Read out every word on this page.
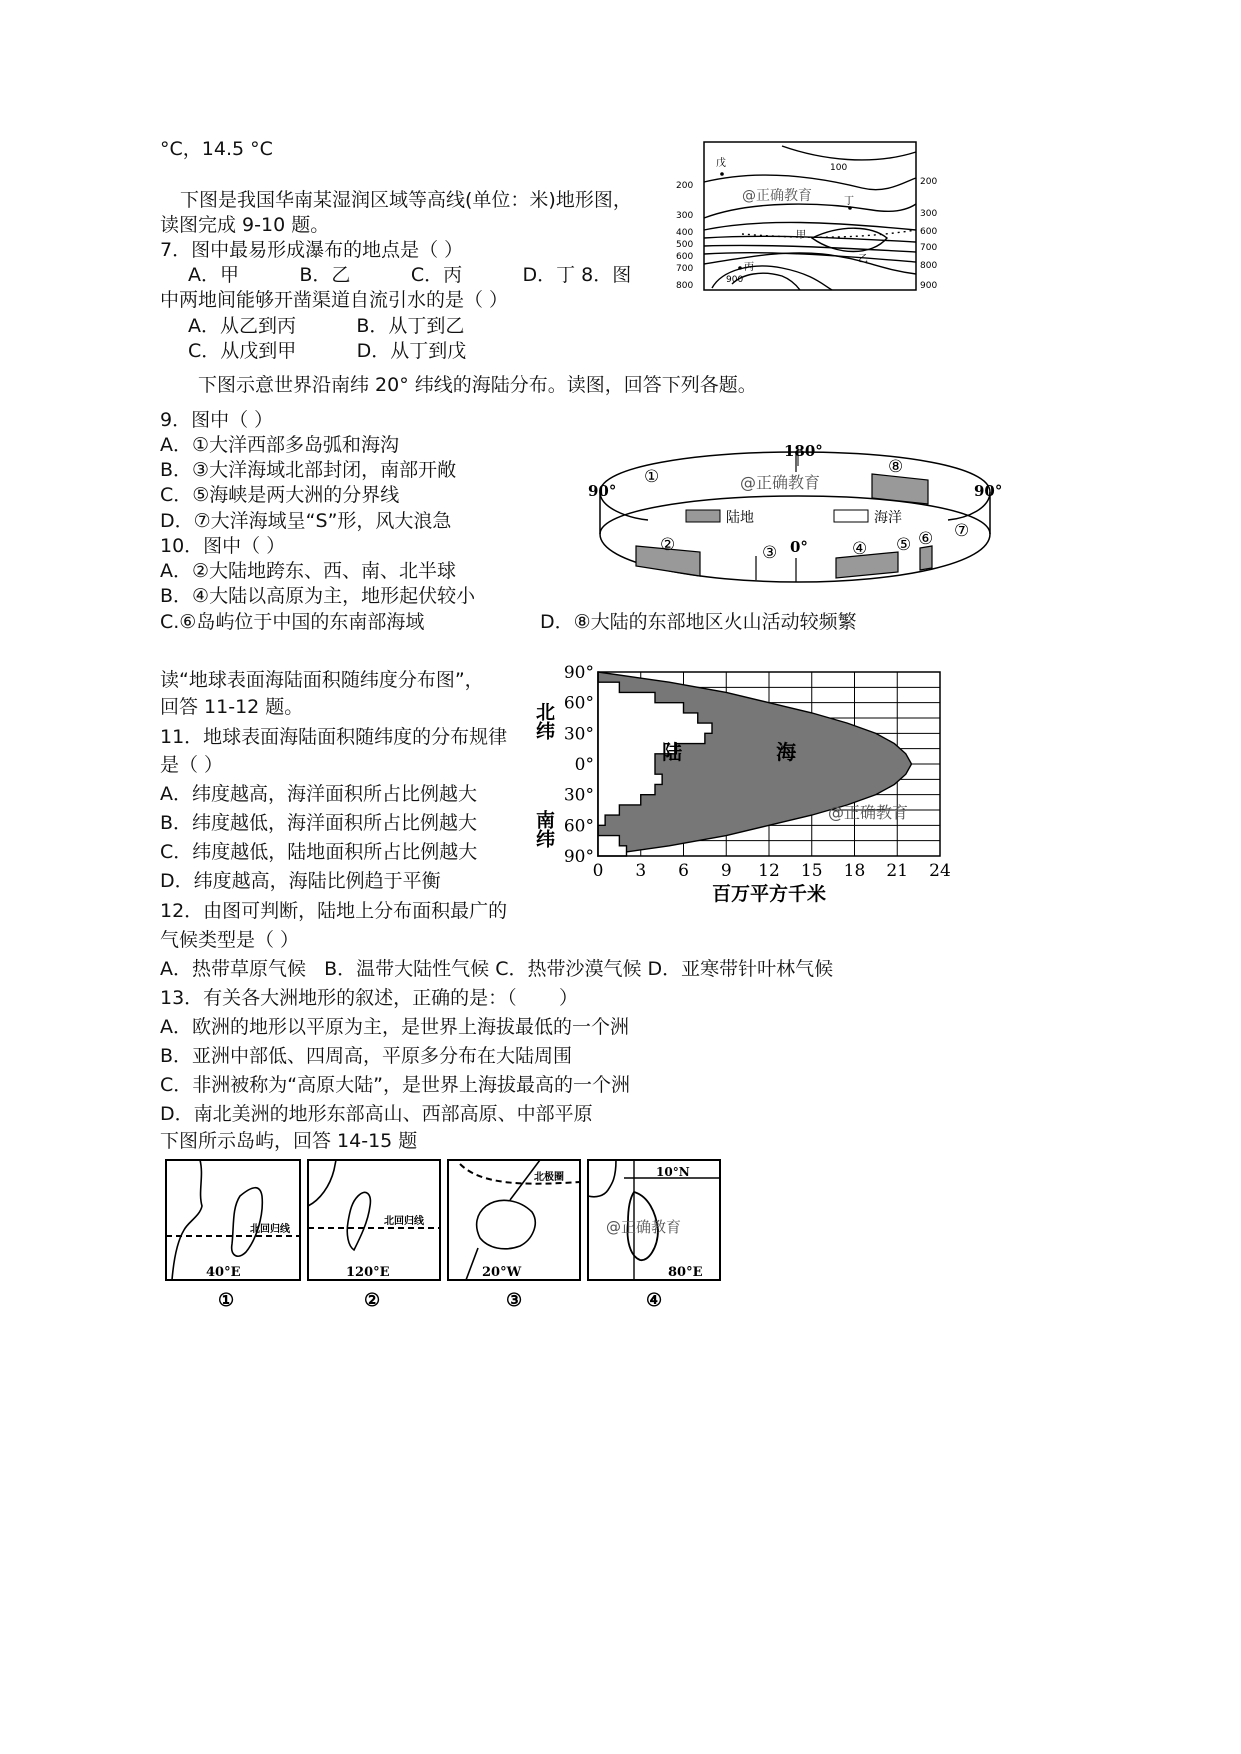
°C，14.5 °C
下图是我国华南某湿润区域等高线(单位：米)地形图，
读图完成 9-10 题。
7．图中最易形成瀑布的地点是（ ）
A．甲          B．乙          C．丙          D．丁 8．图
中两地间能够开凿渠道自流引水的是（ ）
A．从乙到丙          B．从丁到乙
C．从戊到甲          D．从丁到戊
下图示意世界沿南纬 20° 纬线的海陆分布。读图，回答下列各题。
9．图中（ ）
A．①大洋西部多岛弧和海沟
B．③大洋海域北部封闭，南部开敞
C．⑤海峡是两大洲的分界线
D．⑦大洋海域呈“S”形，风大浪急
10．图中（ ）
A．②大陆地跨东、西、南、北半球
B．④大陆以高原为主，地形起伏较小
C.⑥岛屿位于中国的东南部海域	D．⑧大陆的东部地区火山活动较频繁
读“地球表面海陆面积随纬度分布图”，
回答 11-12 题。
11．地球表面海陆面积随纬度的分布规律
是（ ）
A．纬度越高，海洋面积所占比例越大
B．纬度越低，海洋面积所占比例越大
C．纬度越低，陆地面积所占比例越大
D．纬度越高，海陆比例趋于平衡
12．由图可判断，陆地上分布面积最广的
气候类型是（ ）
A．热带草原气候   B．温带大陆性气候 C．热带沙漠气候 D．亚寒带针叶林气候
13．有关各大洲地形的叙述，正确的是：（       ）
A．欧洲的地形以平原为主，是世界上海拔最低的一个洲
B．亚洲中部低、四周高，平原多分布在大陆周围
C．非洲被称为“高原大陆”，是世界上海拔最高的一个洲
D．南北美洲的地形东部高山、西部高原、中部平原
下图所示岛屿，回答 14-15 题
200
300
400
500
600
700
800
200
300
600
700
800
900
100
900
戊
丁
甲
乙
丙
@正确教育
180°
90°	90°
0°
陆地	海洋
①
②	③	④ ⑤ ⑥ ⑦
⑧
@正确教育
0 3 6 9 12 15 18 21 24
90°
60°
30°
0°
30°
60°
90°
陆	海
百万平方千米
北纬
南纬	@正确教育
北回归线
40°E
①
北回归线
120°E
②
北极圈
20°W
③
10°N
80°E
④
@正确教育
